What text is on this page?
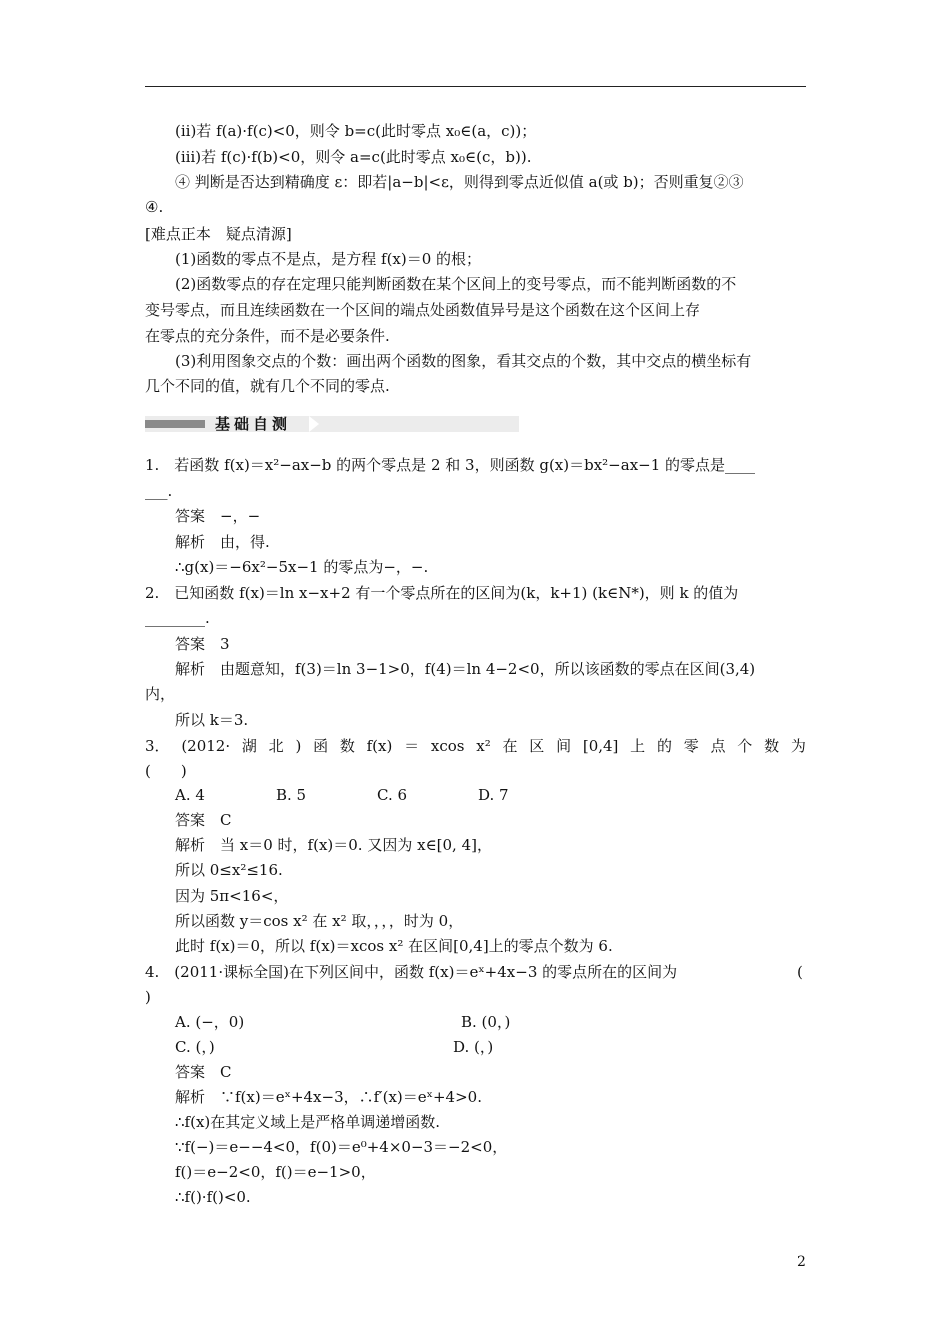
(ⅱ)若 f(a)·f(c)<0，则令 b=c(此时零点 x₀∈(a，c))；
(ⅲ)若 f(c)·f(b)<0，则令 a=c(此时零点 x₀∈(c，b)).
④ 判断是否达到精确度 ε：即若|a−b|<ε，则得到零点近似值 a(或 b)；否则重复②③
④.
[难点正本　疑点清源]
(1)函数的零点不是点，是方程 f(x)＝0 的根；
(2)函数零点的存在定理只能判断函数在某个区间上的变号零点，而不能判断函数的不
变号零点，而且连续函数在一个区间的端点处函数值异号是这个函数在这个区间上存
在零点的充分条件，而不是必要条件.
(3)利用图象交点的个数：画出两个函数的图象，看其交点的个数，其中交点的横坐标有
几个不同的值，就有几个不同的零点.
基础自测
1.　若函数 f(x)＝x²−ax−b 的两个零点是 2 和 3，则函数 g(x)＝bx²−ax−1 的零点是____
___.
答案　−，−
解析　由，得.
∴g(x)＝−6x²−5x−1 的零点为−，−.
2.　已知函数 f(x)＝ln x−x+2 有一个零点所在的区间为(k，k+1) (k∈N*)，则 k 的值为
________.
答案　3
解析　由题意知，f(3)＝ln 3−1>0，f(4)＝ln 4−2<0，所以该函数的零点在区间(3,4)
内，
所以 k＝3.
3． (2012· 湖 北 ) 函 数 f(x) ＝ xcos x² 在 区 间 [0,4] 上 的 零 点 个 数 为
(　　)
A. 4	B. 5	C. 6	D. 7
答案　C
解析　当 x＝0 时，f(x)＝0. 又因为 x∈[0, 4]，
所以 0≤x²≤16.
因为 5π<16<，
所以函数 y＝cos x² 在 x² 取，，，，时为 0，
此时 f(x)＝0，所以 f(x)＝xcos x² 在区间[0,4]上的零点个数为 6.
4.　(2011·课标全国)在下列区间中，函数 f(x)＝eˣ+4x−3 的零点所在的区间为	(
)
A. (−，0)	B. (0，)
C. (，)	D. (，)
答案　C
解析　∵f(x)＝eˣ+4x−3，∴f′(x)＝eˣ+4>0.
∴f(x)在其定义域上是严格单调递增函数.
∵f(−)＝e−−4<0，f(0)＝e⁰+4×0−3＝−2<0，
f()＝e−2<0，f()＝e−1>0，
∴f()·f()<0.
2
